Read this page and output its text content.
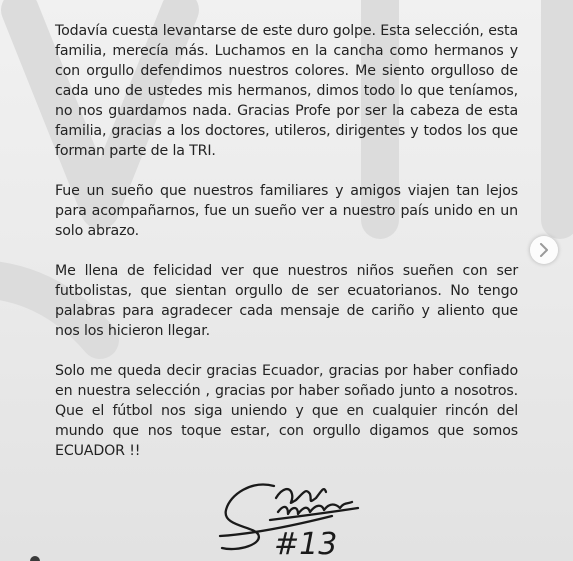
Todavía cuesta levantarse de este duro golpe. Esta selección, esta familia, merecía más. Luchamos en la cancha como hermanos y con orgullo defendimos nuestros colores. Me siento orgulloso de cada uno de ustedes mis hermanos, dimos todo lo que teníamos, no nos guardamos nada. Gracias Profe por ser la cabeza de esta familia, gracias a los doctores, utileros, dirigentes y todos los que forman parte de la TRI.

Fue un sueño que nuestros familiares y amigos viajen tan lejos para acompañarnos, fue un sueño ver a nuestro país unido en un solo abrazo.

Me llena de felicidad ver que nuestros niños sueñen con ser futbolistas, que sientan orgullo de ser ecuatorianos. No tengo palabras para agradecer cada mensaje de cariño y aliento que nos los hicieron llegar.

Solo me queda decir gracias Ecuador, gracias por haber confiado en nuestra selección , gracias por haber soñado junto a nosotros. Que el fútbol nos siga uniendo y que en cualquier rincón del mundo que nos toque estar, con orgullo digamos que somos ECUADOR !!

#13
